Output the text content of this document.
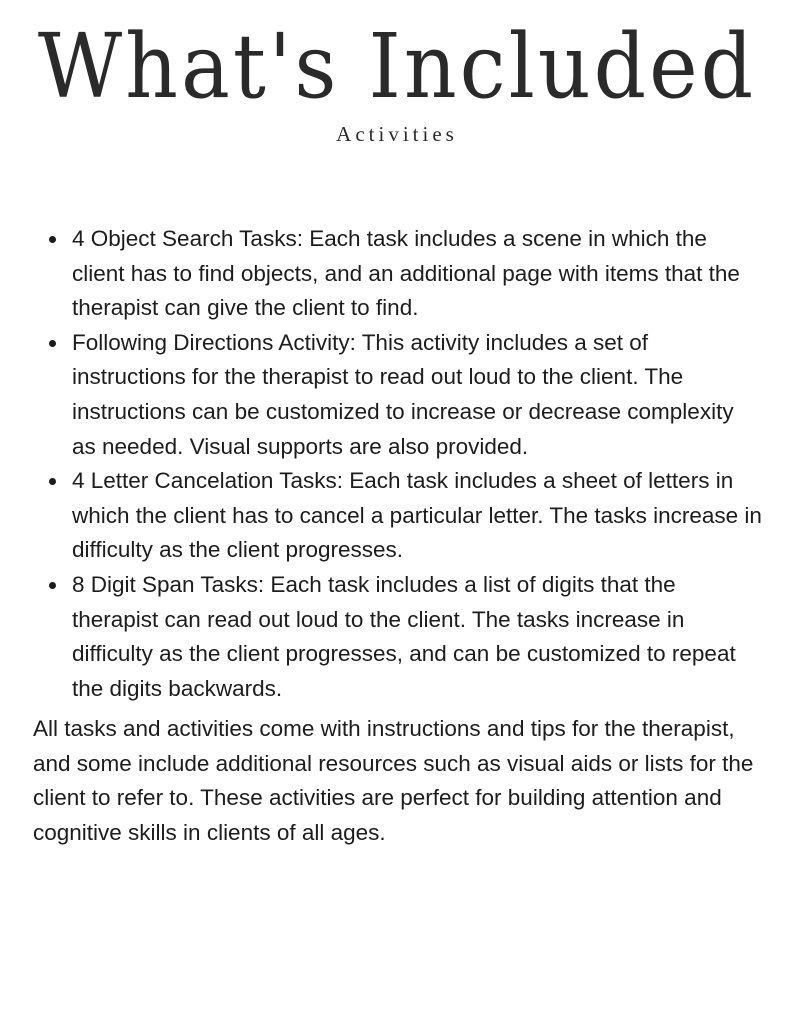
What's Included
Activities
4 Object Search Tasks: Each task includes a scene in which the client has to find objects, and an additional page with items that the therapist can give the client to find.
Following Directions Activity: This activity includes a set of instructions for the therapist to read out loud to the client. The instructions can be customized to increase or decrease complexity as needed. Visual supports are also provided.
4 Letter Cancelation Tasks: Each task includes a sheet of letters in which the client has to cancel a particular letter. The tasks increase in difficulty as the client progresses.
8 Digit Span Tasks: Each task includes a list of digits that the therapist can read out loud to the client. The tasks increase in difficulty as the client progresses, and can be customized to repeat the digits backwards.

All tasks and activities come with instructions and tips for the therapist, and some include additional resources such as visual aids or lists for the client to refer to. These activities are perfect for building attention and cognitive skills in clients of all ages.
